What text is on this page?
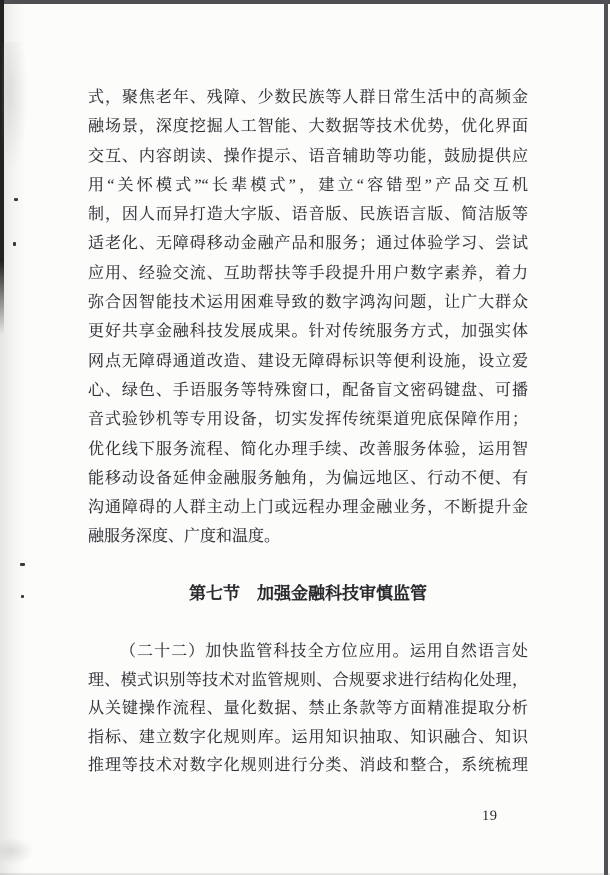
式，聚焦老年、残障、少数民族等人群日常生活中的高频金
融场景，深度挖掘人工智能、大数据等技术优势，优化界面
交互、内容朗读、操作提示、语音辅助等功能，鼓励提供应
用“关怀模式”“长辈模式”，建立“容错型”产品交互机
制，因人而异打造大字版、语音版、民族语言版、简洁版等
适老化、无障碍移动金融产品和服务；通过体验学习、尝试
应用、经验交流、互助帮扶等手段提升用户数字素养，着力
弥合因智能技术运用困难导致的数字鸿沟问题，让广大群众
更好共享金融科技发展成果。针对传统服务方式，加强实体
网点无障碍通道改造、建设无障碍标识等便利设施，设立爱
心、绿色、手语服务等特殊窗口，配备盲文密码键盘、可播
音式验钞机等专用设备，切实发挥传统渠道兜底保障作用；
优化线下服务流程、简化办理手续、改善服务体验，运用智
能移动设备延伸金融服务触角，为偏远地区、行动不便、有
沟通障碍的人群主动上门或远程办理金融业务，不断提升金
融服务深度、广度和温度。
第七节　加强金融科技审慎监管
（二十二）加快监管科技全方位应用。运用自然语言处
理、模式识别等技术对监管规则、合规要求进行结构化处理，
从关键操作流程、量化数据、禁止条款等方面精准提取分析
指标、建立数字化规则库。运用知识抽取、知识融合、知识
推理等技术对数字化规则进行分类、消歧和整合，系统梳理
19
